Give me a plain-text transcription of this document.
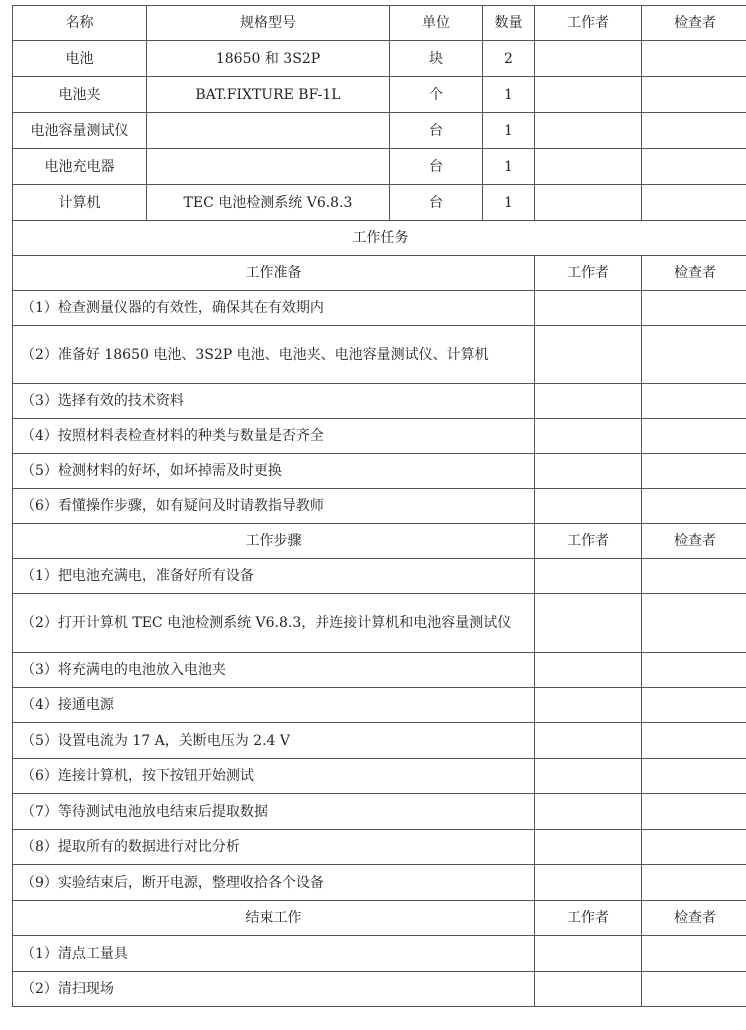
名称	规格型号	单位	数量	工作者	检查者
电池	18650 和 3S2P	块	2		
电池夹	BAT.FIXTURE BF-1L	个	1		
电池容量测试仪		台	1		
电池充电器		台	1		
计算机	TEC 电池检测系统 V6.8.3	台	1		
工作任务					
工作准备				工作者	检查者
（1）检查测量仪器的有效性，确保其在有效期内					
（2）准备好 18650 电池、3S2P 电池、电池夹、电池容量测试仪、计算机					
（3）选择有效的技术资料					
（4）按照材料表检查材料的种类与数量是否齐全					
（5）检测材料的好坏，如坏掉需及时更换					
（6）看懂操作步骤，如有疑问及时请教指导教师					
工作步骤				工作者	检查者
（1）把电池充满电，准备好所有设备					
（2）打开计算机 TEC 电池检测系统 V6.8.3，并连接计算机和电池容量测试仪					
（3）将充满电的电池放入电池夹					
（4）接通电源					
（5）设置电流为 17 A，关断电压为 2.4 V					
（6）连接计算机，按下按钮开始测试					
（7）等待测试电池放电结束后提取数据					
（8）提取所有的数据进行对比分析					
（9）实验结束后，断开电源，整理收拾各个设备					
结束工作				工作者	检查者
（1）清点工量具					
（2）清扫现场					
